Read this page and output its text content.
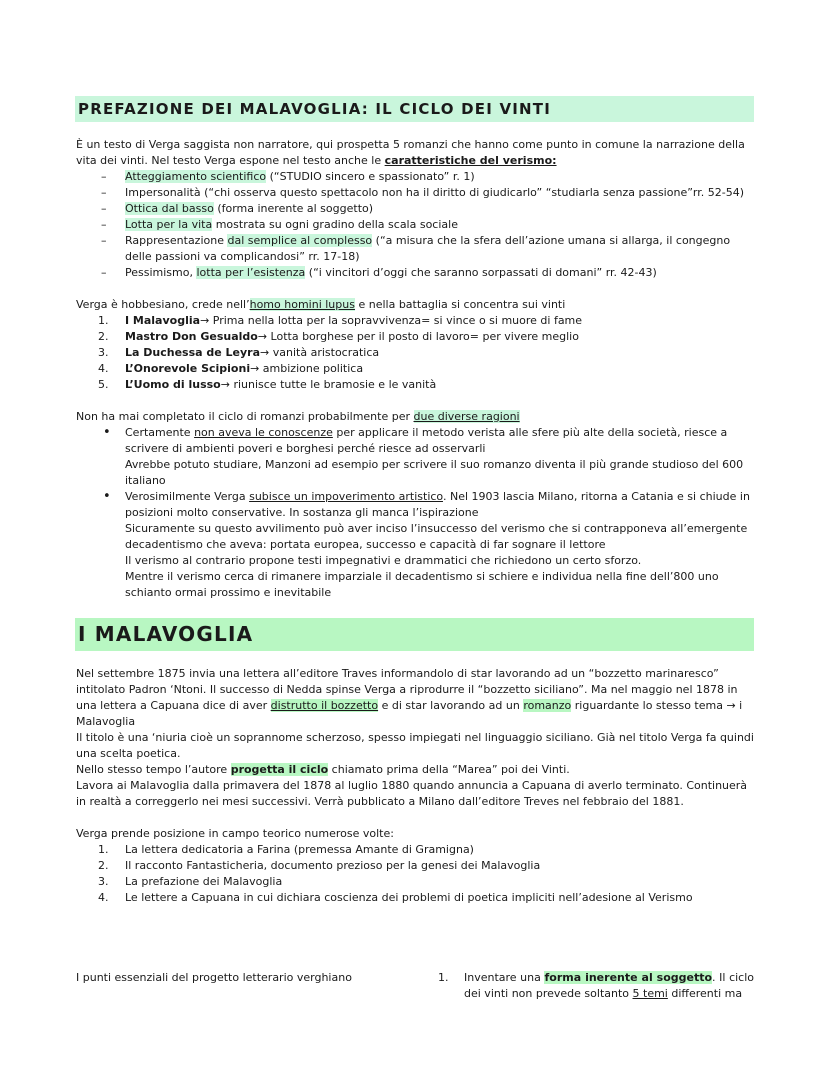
PREFAZIONE DEI MALAVOGLIA: IL CICLO DEI VINTI

È un testo di Verga saggista non narratore, qui prospetta 5 romanzi che hanno come punto in comune la narrazione della vita dei vinti. Nel testo Verga espone nel testo anche le caratteristiche del verismo:

–	Atteggiamento scientifico (“STUDIO sincero e spassionato” r. 1)
–	Impersonalità (“chi osserva questo spettacolo non ha il diritto di giudicarlo” “studiarla senza passione”rr. 52-54)
–	Ottica dal basso (forma inerente al soggetto)
–	Lotta per la vita mostrata su ogni gradino della scala sociale
–	Rappresentazione dal semplice al complesso (“a misura che la sfera dell’azione umana si allarga, il congegno delle passioni va complicandosi” rr. 17-18)
–	Pessimismo, lotta per l’esistenza (“i vincitori d’oggi che saranno sorpassati di domani” rr. 42-43)

Verga è hobbesiano, crede nell’homo homini lupus e nella battaglia si concentra sui vinti

1.	I Malavoglia→ Prima nella lotta per la sopravvivenza= si vince o si muore di fame
2.	Mastro Don Gesualdo→ Lotta borghese per il posto di lavoro= per vivere meglio
3.	La Duchessa de Leyra→ vanità aristocratica
4.	L’Onorevole Scipioni→ ambizione politica
5.	L’Uomo di lusso→ riunisce tutte le bramosie e le vanità

Non ha mai completato il ciclo di romanzi probabilmente per due diverse ragioni

•	Certamente non aveva le conoscenze per applicare il metodo verista alle sfere più alte della società, riesce a scrivere di ambienti poveri e borghesi perché riesce ad osservarli
Avrebbe potuto studiare, Manzoni ad esempio per scrivere il suo romanzo diventa il più grande studioso del 600 italiano
•	Verosimilmente Verga subisce un impoverimento artistico. Nel 1903 lascia Milano, ritorna a Catania e si chiude in posizioni molto conservative. In sostanza gli manca l’ispirazione
Sicuramente su questo avvilimento può aver inciso l’insuccesso del verismo che si contrapponeva all’emergente decadentismo che aveva: portata europea, successo e capacità di far sognare il lettore
Il verismo al contrario propone testi impegnativi e drammatici che richiedono un certo sforzo.
Mentre il verismo cerca di rimanere imparziale il decadentismo si schiere e individua nella fine dell’800 uno schianto ormai prossimo e inevitabile
I MALAVOGLIA

Nel settembre 1875 invia una lettera all’editore Traves informandolo di star lavorando ad un “bozzetto marinaresco” intitolato Padron ‘Ntoni. Il successo di Nedda spinse Verga a riprodurre il “bozzetto siciliano”. Ma nel maggio nel 1878 in una lettera a Capuana dice di aver distrutto il bozzetto e di star lavorando ad un romanzo riguardante lo stesso tema → i Malavoglia

Il titolo è una ‘niuria cioè un soprannome scherzoso, spesso impiegati nel linguaggio siciliano. Già nel titolo Verga fa quindi una scelta poetica.

Nello stesso tempo l’autore progetta il ciclo chiamato prima della “Marea” poi dei Vinti.

Lavora ai Malavoglia dalla primavera del 1878 al luglio 1880 quando annuncia a Capuana di averlo terminato. Continuerà in realtà a correggerlo nei mesi successivi. Verrà pubblicato a Milano dall’editore Treves nel febbraio del 1881.

Verga prende posizione in campo teorico numerose volte:

1.	La lettera dedicatoria a Farina (premessa Amante di Gramigna)
2.	Il racconto Fantasticheria, documento prezioso per la genesi dei Malavoglia
3.	La prefazione dei Malavoglia
4.	Le lettere a Capuana in cui dichiara coscienza dei problemi di poetica impliciti nell’adesione al Verismo
I punti essenziali del progetto letterario verghiano	1.	Inventare una forma inerente al soggetto. Il ciclo dei vinti non prevede soltanto 5 temi differenti ma
